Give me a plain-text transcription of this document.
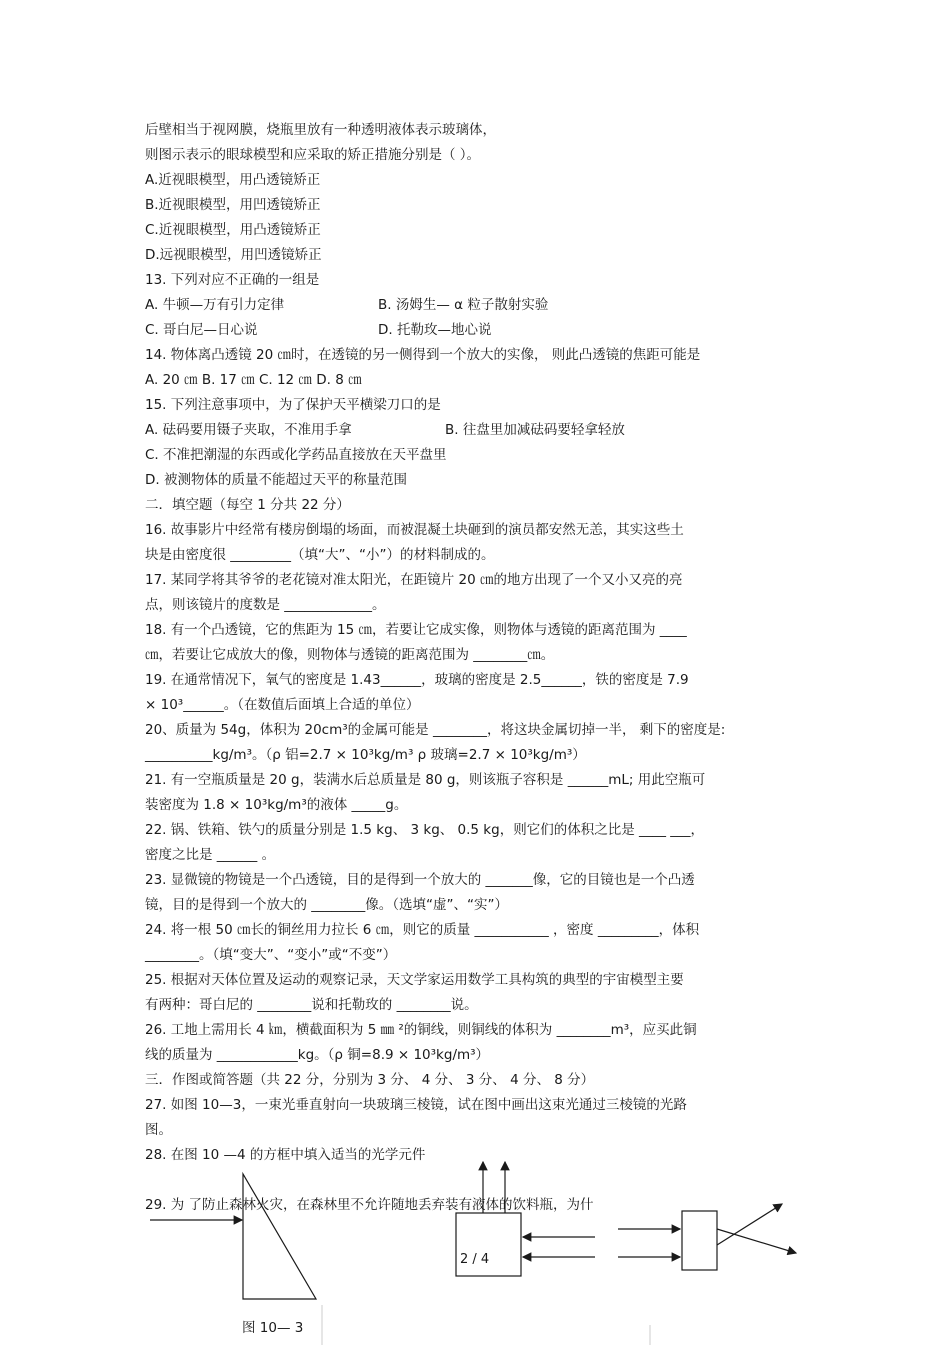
后壁相当于视网膜，烧瓶里放有一种透明液体表示玻璃体，
则图示表示的眼球模型和应采取的矫正措施分别是（ ）。
A.近视眼模型，用凸透镜矫正
B.近视眼模型，用凹透镜矫正
C.近视眼模型，用凸透镜矫正
D.远视眼模型，用凹透镜矫正
13. 下列对应不正确的一组是
14. 物体离凸透镜 20 ㎝时，在透镜的另一侧得到一个放大的实像， 则此凸透镜的焦距可能是
A. 20 ㎝ B. 17 ㎝ C. 12 ㎝ D. 8 ㎝
15. 下列注意事项中，为了保护天平横梁刀口的是
C. 不准把潮湿的东西或化学药品直接放在天平盘里
D. 被测物体的质量不能超过天平的称量范围
二．填空题（每空 1 分共 22 分）
16. 故事影片中经常有楼房倒塌的场面，而被混凝土块砸到的演员都安然无恙，其实这些土
块是由密度很 _________（填“大”、“小”）的材料制成的。
17. 某同学将其爷爷的老花镜对准太阳光，在距镜片 20 ㎝的地方出现了一个又小又亮的亮
点，则该镜片的度数是 _____________。
18. 有一个凸透镜，它的焦距为 15 ㎝，若要让它成实像，则物体与透镜的距离范围为 ____
㎝，若要让它成放大的像，则物体与透镜的距离范围为 ________㎝。
19. 在通常情况下，氧气的密度是 1.43______，玻璃的密度是 2.5______，铁的密度是 7.9
20、质量为 54g，体积为 20cm³的金属可能是 ________，将这块金属切掉一半， 剩下的密度是:
__________kg/m³。（ρ 铝=2.7 × 10³kg/m³ ρ 玻璃=2.7 × 10³kg/m³）
21. 有一空瓶质量是 20 g，装满水后总质量是 80 g，则该瓶子容积是 ______mL; 用此空瓶可
装密度为 1.8 × 10³kg/m³的液体 _____g。
22. 锅、铁箱、铁勺的质量分别是 1.5 kg、 3 kg、 0.5 kg，则它们的体积之比是 ____ ___，
密度之比是 ______ 。
23. 显微镜的物镜是一个凸透镜，目的是得到一个放大的 _______像，它的目镜也是一个凸透
镜，目的是得到一个放大的 ________像。（选填“虚”、“实”）
24. 将一根 50 ㎝长的铜丝用力拉长 6 ㎝，则它的质量 ___________ ，密度 _________，体积
________。（填“变大”、“变小”或“不变”）
25. 根据对天体位置及运动的观察记录，天文学家运用数学工具构筑的典型的宇宙模型主要
有两种：哥白尼的 ________说和托勒玫的 ________说。
26. 工地上需用长 4 ㎞，横截面积为 5 ㎜ ²的铜线，则铜线的体积为 ________m³，应买此铜
线的质量为 ____________kg。（ρ 铜=8.9 × 10³kg/m³）
三．作图或简答题（共 22 分，分别为 3 分、 4 分、 3 分、 4 分、 8 分）
27. 如图 10—3，一束光垂直射向一块玻璃三棱镜，试在图中画出这束光通过三棱镜的光路
图。
28. 在图 10 —4 的方框中填入适当的光学元件
29. 为 了防止森林火灾，在森林里不允许随地丢弃装有液体的饮料瓶，为什
A. 牛顿—万有引力定律	B. 汤姆生— α 粒子散射实验
C. 哥白尼—日心说	D. 托勒玫—地心说
A. 砝码要用镊子夹取，不准用手拿	B. 往盘里加减砝码要轻拿轻放
× 10³______。（在数值后面填上合适的单位）
2 / 4
图 10— 3
